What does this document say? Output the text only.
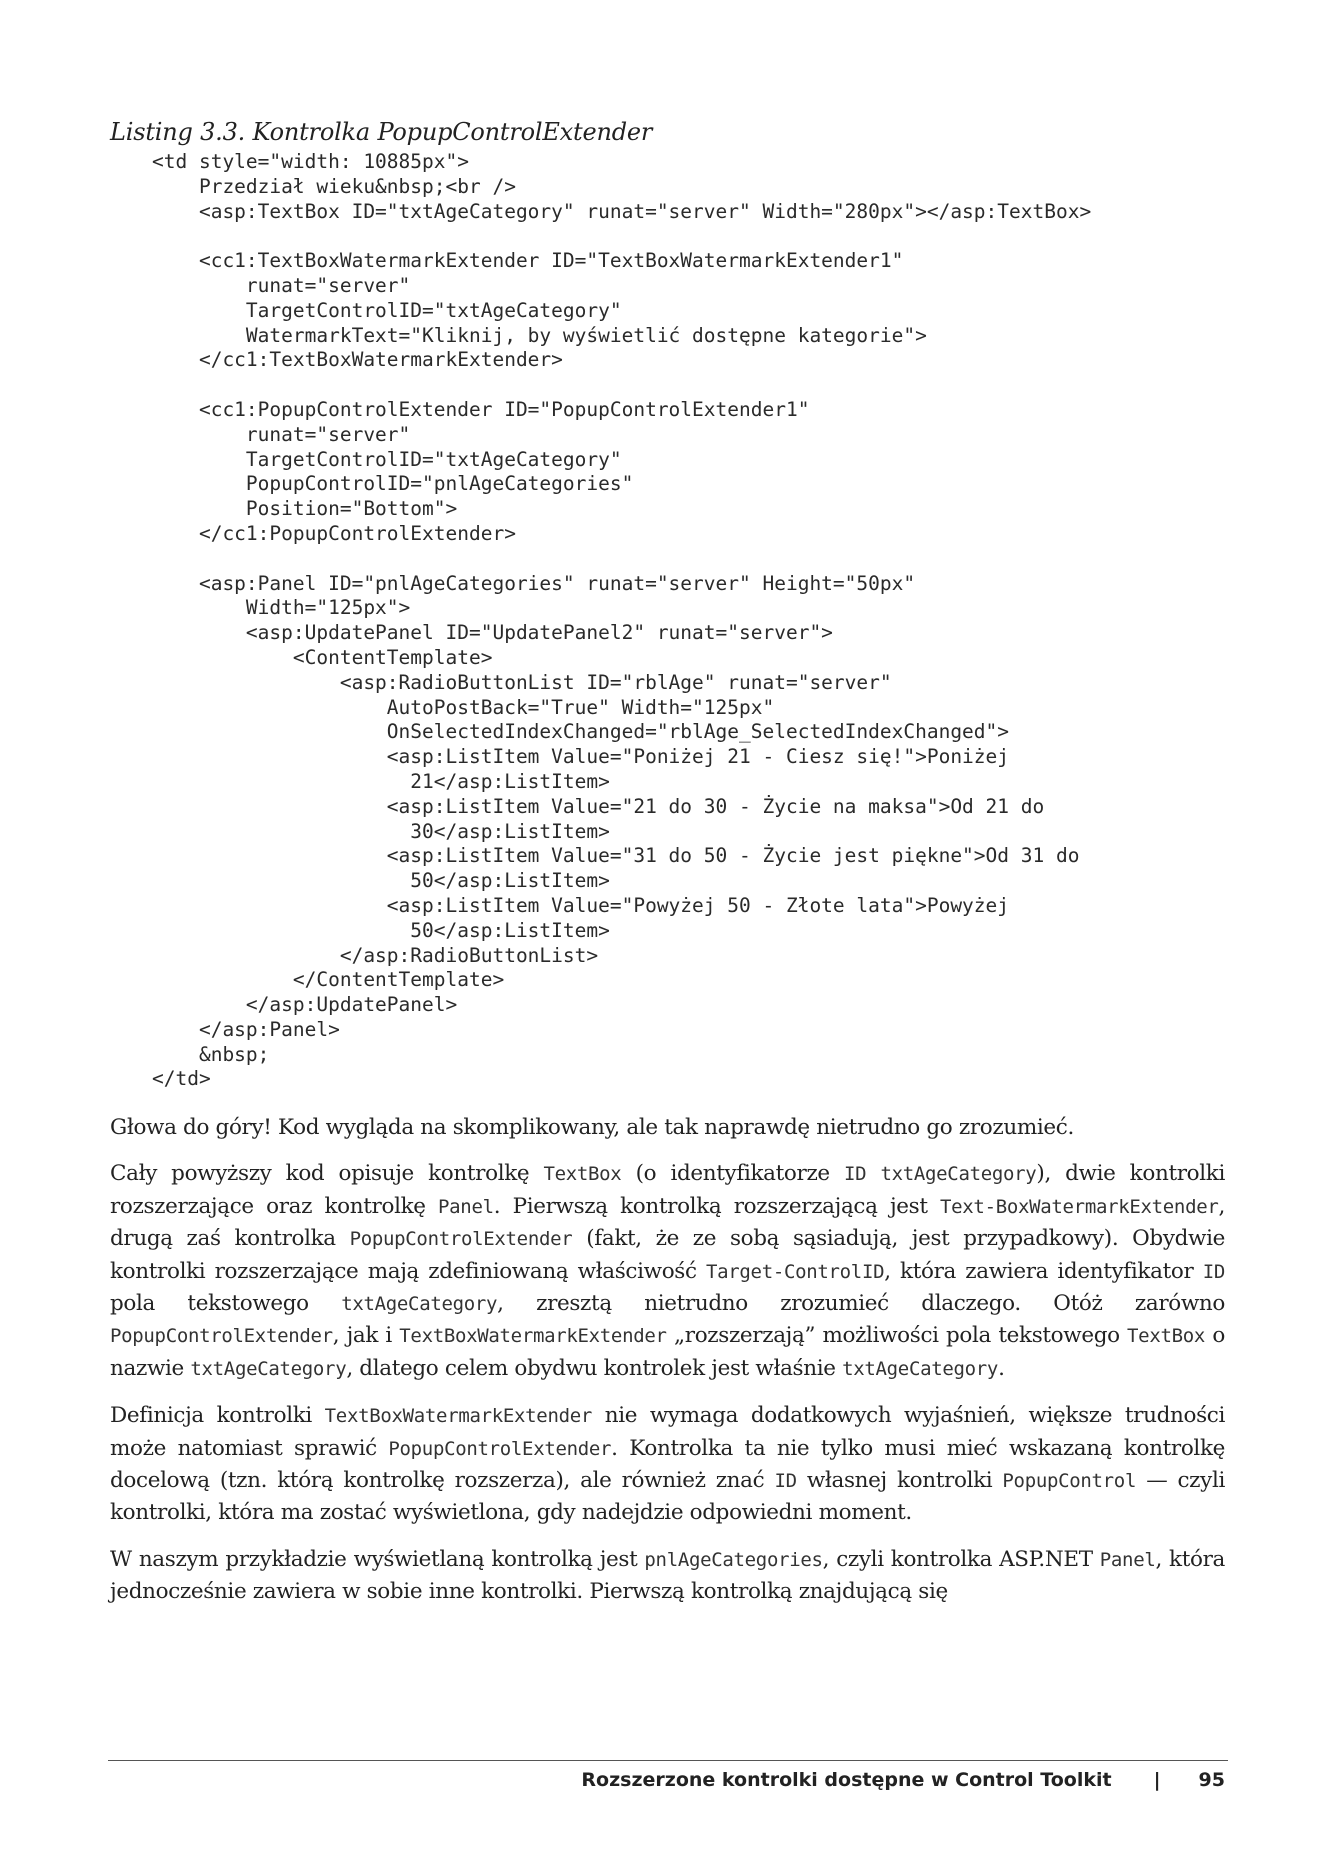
Listing 3.3. Kontrolka PopupControlExtender
<td style="width: 10885px">
Przedział wieku&nbsp;<br />
<asp:TextBox ID="txtAgeCategory" runat="server" Width="280px"></asp:TextBox>
<cc1:TextBoxWatermarkExtender ID="TextBoxWatermarkExtender1"
runat="server"
TargetControlID="txtAgeCategory"
WatermarkText="Kliknij, by wyświetlić dostępne kategorie">
</cc1:TextBoxWatermarkExtender>
<cc1:PopupControlExtender ID="PopupControlExtender1"
runat="server"
TargetControlID="txtAgeCategory"
PopupControlID="pnlAgeCategories"
Position="Bottom">
</cc1:PopupControlExtender>
<asp:Panel ID="pnlAgeCategories" runat="server" Height="50px"
Width="125px">
<asp:UpdatePanel ID="UpdatePanel2" runat="server">
<ContentTemplate>
<asp:RadioButtonList ID="rblAge" runat="server"
AutoPostBack="True" Width="125px"
OnSelectedIndexChanged="rblAge_SelectedIndexChanged">
<asp:ListItem Value="Poniżej 21 - Ciesz się!">Poniżej
21</asp:ListItem>
<asp:ListItem Value="21 do 30 - Życie na maksa">Od 21 do
30</asp:ListItem>
<asp:ListItem Value="31 do 50 - Życie jest piękne">Od 31 do
50</asp:ListItem>
<asp:ListItem Value="Powyżej 50 - Złote lata">Powyżej
50</asp:ListItem>
</asp:RadioButtonList>
</ContentTemplate>
</asp:UpdatePanel>
</asp:Panel>
&nbsp;
</td>

Głowa do góry! Kod wygląda na skomplikowany, ale tak naprawdę nietrudno go zrozumieć.

Cały powyższy kod opisuje kontrolkę TextBox (o identyfikatorze ID txtAgeCategory), dwie kontrolki rozszerzające oraz kontrolkę Panel. Pierwszą kontrolką rozszerzającą jest Text-BoxWatermarkExtender, drugą zaś kontrolka PopupControlExtender (fakt, że ze sobą sąsiadują, jest przypadkowy). Obydwie kontrolki rozszerzające mają zdefiniowaną właściwość Target-ControlID, która zawiera identyfikator ID pola tekstowego txtAgeCategory, zresztą nietrudno zrozumieć dlaczego. Otóż zarówno PopupControlExtender, jak i TextBoxWatermarkExtender „rozszerzają” możliwości pola tekstowego TextBox o nazwie txtAgeCategory, dlatego celem obydwu kontrolek jest właśnie txtAgeCategory.

Definicja kontrolki TextBoxWatermarkExtender nie wymaga dodatkowych wyjaśnień, większe trudności może natomiast sprawić PopupControlExtender. Kontrolka ta nie tylko musi mieć wskazaną kontrolkę docelową (tzn. którą kontrolkę rozszerza), ale również znać ID własnej kontrolki PopupControl — czyli kontrolki, która ma zostać wyświetlona, gdy nadejdzie odpowiedni moment.

W naszym przykładzie wyświetlaną kontrolką jest pnlAgeCategories, czyli kontrolka ASP.NET Panel, która jednocześnie zawiera w sobie inne kontrolki. Pierwszą kontrolką znajdującą się

Rozszerzone kontrolki dostępne w Control Toolkit | 95
